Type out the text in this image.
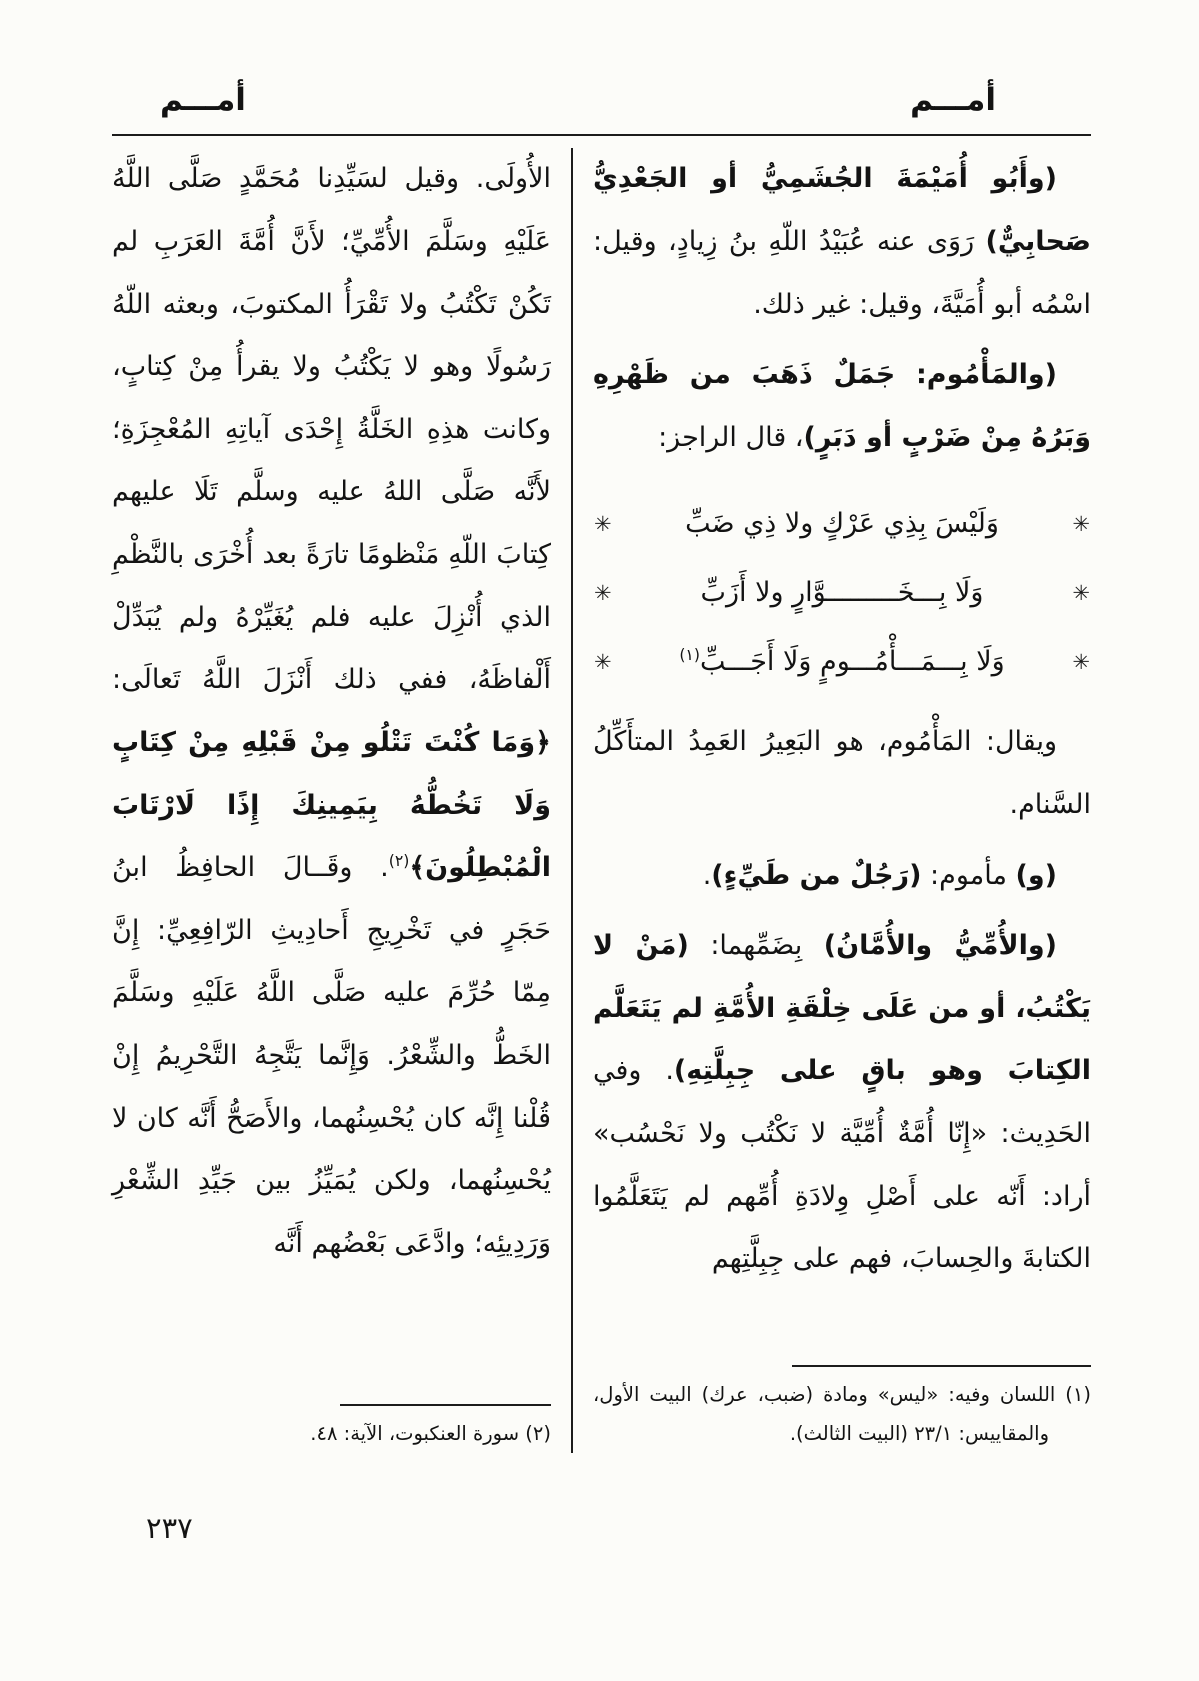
أمـــم
أمـــم

(وأَبُو أُمَيْمَةَ الجُشَمِيُّ أو الجَعْدِيُّ صَحابِيٌّ) رَوَى عنه عُبَيْدُ اللّهِ بنُ زِيادٍ، وقيل: اسْمُه أبو أُمَيَّةَ، وقيل: غير ذلك.

(والمَأْمُوم: جَمَلٌ ذَهَبَ من ظَهْرِهِ وَبَرُهُ مِنْ ضَرْبٍ أو دَبَرٍ)، قال الراجز:

✳
وَلَيْسَ بِذِي عَرْكٍ ولا ذِي ضَبِّ
✳
✳
وَلَا بِـــخَـــــــــوَّارٍ ولا أَزَبِّ
✳
✳
وَلَا بِـــمَـــأْمُـــومٍ وَلَا أَجَـــبِّ$^{(١)}$
✳

ويقال: المَأْمُوم، هو البَعِيرُ العَمِدُ المتأَكِّلُ السَّنام.

(و) مأموم: (رَجُلٌ من طَيِّءٍ).

(والأُمِّيُّ والأُمَّانُ) بِضَمِّهما: (مَنْ لا يَكْتُبُ، أو من عَلَى خِلْقَةِ الأُمَّةِ لم يَتَعَلَّم الكِتابَ وهو باقٍ على جِبِلَّتِهِ). وفي الحَدِيث: «إِنّا أُمَّةٌ أُمِّيَّة لا نَكْتُب ولا نَحْسُب» أراد: أَنّه على أَصْلِ وِلادَةِ أُمِّهم لم يَتَعَلَّمُوا الكتابةَ والحِسابَ، فهم على جِبِلَّتِهم

(١) اللسان وفيه: «ليس» ومادة (ضبب، عرك) البيت الأول، والمقاييس: ٢٣/١ (البيت الثالث).

الأُولَى. وقيل لسَيِّدِنا مُحَمَّدٍ صَلَّى اللَّهُ عَلَيْهِ وسَلَّمَ الأُمِّيِّ؛ لأَنَّ أُمَّةَ العَرَبِ لم تَكُنْ تَكْتُبُ ولا تَقْرَأُ المكتوبَ، وبعثه اللّهُ رَسُولًا وهو لا يَكْتُبُ ولا يقرأُ مِنْ كِتابٍ، وكانت هذِهِ الخَلَّةُ إِحْدَى آياتِهِ المُعْجِزَةِ؛ لأَنَّه صَلَّى اللهُ عليه وسلَّم تَلَا عليهم كِتابَ اللّهِ مَنْظومًا تارَةً بعد أُخْرَى بالنَّظْمِ الذي أُنْزِلَ عليه فلم يُغَيِّرْهُ ولم يُبَدِّلْ أَلْفاظَهُ، ففي ذلك أَنْزَلَ اللَّهُ تَعالَى: ﴿وَمَا كُنْتَ تَتْلُو مِنْ قَبْلِهِ مِنْ كِتَابٍ وَلَا تَخُطُّهُ بِيَمِينِكَ إِذًا لَارْتَابَ الْمُبْطِلُونَ﴾$^{(٢)}$. وقَــالَ الحافِظُ ابنُ حَجَرٍ في تَخْرِيجِ أَحادِيثِ الرّافِعِيِّ: إِنَّ مِمّا حُرِّمَ عليه صَلَّى اللَّهُ عَلَيْهِ وسَلَّمَ الخَطُّ والشِّعْرُ. وَإِنَّما يَتَّجِهُ التَّحْرِيمُ إِنْ قُلْنا إِنَّه كان يُحْسِنُهما، والأَصَحُّ أَنَّه كان لا يُحْسِنُهما، ولكن يُمَيِّزُ بين جَيِّدِ الشِّعْرِ وَرَدِيئِه؛ وادَّعَى بَعْضُهم أَنَّه

(٢) سورة العنكبوت، الآية: ٤٨.

٢٣٧
